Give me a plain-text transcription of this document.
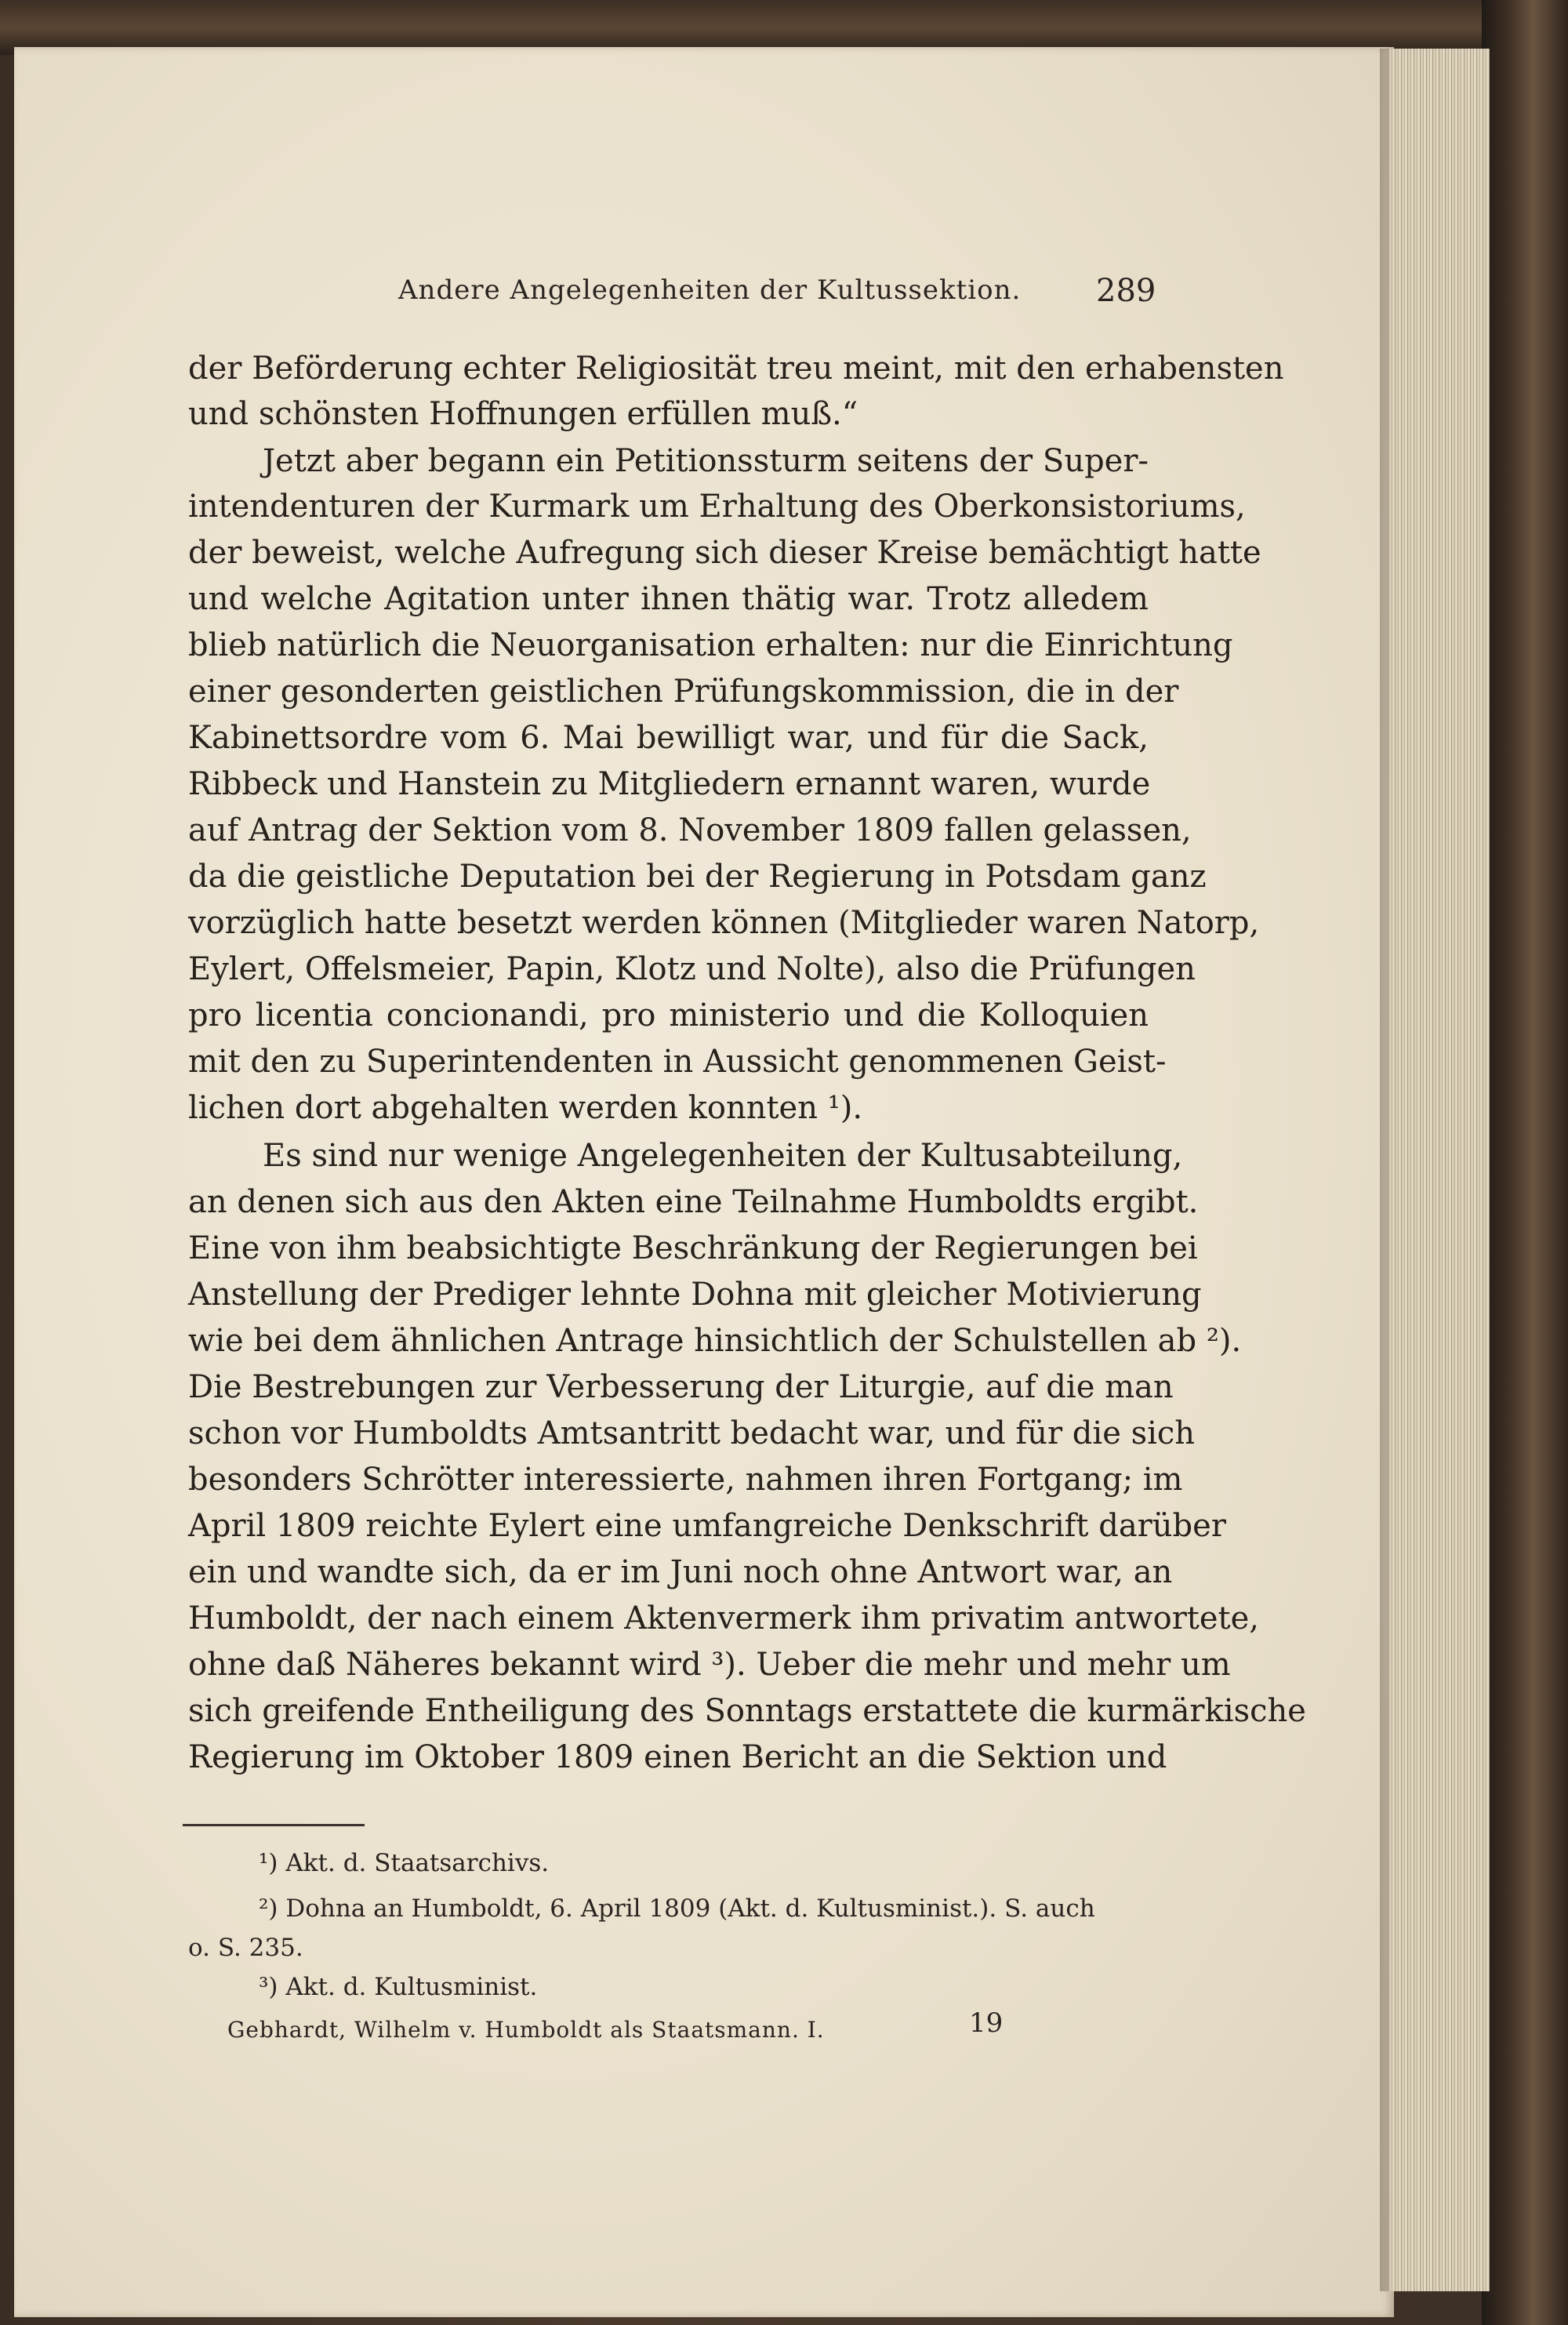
Andere Angelegenheiten der Kultussektion. 289
der Beförderung echter Religiosität treu meint, mit den erhabensten
und schönsten Hoffnungen erfüllen muß.“
Jetzt aber begann ein Petitionssturm seitens der Super-
intendenturen der Kurmark um Erhaltung des Oberkonsistoriums,
der beweist, welche Aufregung sich dieser Kreise bemächtigt hatte
und welche Agitation unter ihnen thätig war. Trotz alledem
blieb natürlich die Neuorganisation erhalten: nur die Einrichtung
einer gesonderten geistlichen Prüfungskommission, die in der
Kabinettsordre vom 6. Mai bewilligt war, und für die Sack,
Ribbeck und Hanstein zu Mitgliedern ernannt waren, wurde
auf Antrag der Sektion vom 8. November 1809 fallen gelassen,
da die geistliche Deputation bei der Regierung in Potsdam ganz
vorzüglich hatte besetzt werden können (Mitglieder waren Natorp,
Eylert, Offelsmeier, Papin, Klotz und Nolte), also die Prüfungen
pro licentia concionandi, pro ministerio und die Kolloquien
mit den zu Superintendenten in Aussicht genommenen Geist-
lichen dort abgehalten werden konnten ¹).
Es sind nur wenige Angelegenheiten der Kultusabteilung,
an denen sich aus den Akten eine Teilnahme Humboldts ergibt.
Eine von ihm beabsichtigte Beschränkung der Regierungen bei
Anstellung der Prediger lehnte Dohna mit gleicher Motivierung
wie bei dem ähnlichen Antrage hinsichtlich der Schulstellen ab ²).
Die Bestrebungen zur Verbesserung der Liturgie, auf die man
schon vor Humboldts Amtsantritt bedacht war, und für die sich
besonders Schrötter interessierte, nahmen ihren Fortgang; im
April 1809 reichte Eylert eine umfangreiche Denkschrift darüber
ein und wandte sich, da er im Juni noch ohne Antwort war, an
Humboldt, der nach einem Aktenvermerk ihm privatim antwortete,
ohne daß Näheres bekannt wird ³). Ueber die mehr und mehr um
sich greifende Entheiligung des Sonntags erstattete die kurmärkische
Regierung im Oktober 1809 einen Bericht an die Sektion und
¹) Akt. d. Staatsarchivs.
²) Dohna an Humboldt, 6. April 1809 (Akt. d. Kultusminist.). S. auch
o. S. 235.
³) Akt. d. Kultusminist.
Gebhardt, Wilhelm v. Humboldt als Staatsmann. I.	19
